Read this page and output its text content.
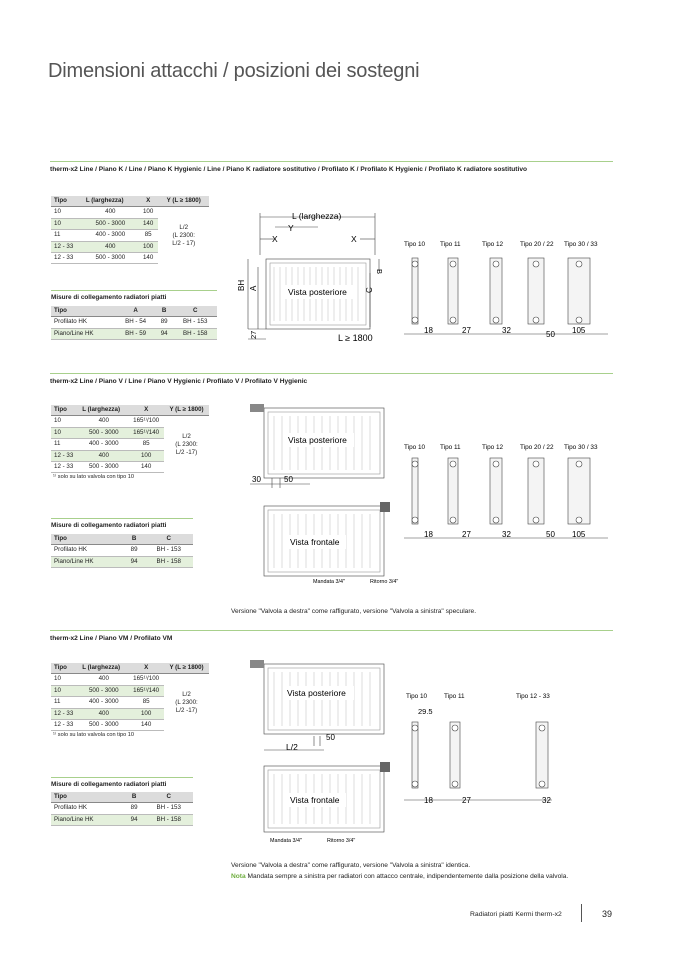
Dimensioni attacchi / posizioni dei sostegni
therm-x2 Line / Piano K / Line / Piano K Hygienic / Line / Piano K radiatore sostitutivo / Profilato K / Profilato K Hygienic / Profilato K radiatore sostitutivo
Tipo	L (larghezza)	X	Y (L ≥ 1800)
10	400	100	L/2
(L 2300:
L/2 - 17)
10	500 - 3000	140	
11	400 - 3000	85	
12 - 33	400	100	
12 - 33	500 - 3000	140	
Misure di collegamento radiatori piatti
Tipo	A	B	C
Profilato HK	BH - 54	89	BH - 153
Piano/Line HK	BH - 59	94	BH - 158
Vista posteriore
L (larghezza)
Y
X	X
BH A
B
C
27	L ≥ 1800
Tipo 10 Tipo 11	Tipo 12	Tipo 20 / 22 Tipo 30 / 33
18	27	32	50 105
therm-x2 Line / Piano V / Line / Piano V Hygienic / Profilato V / Profilato V Hygienic
Tipo	L (larghezza)	X	Y (L ≥ 1800)
10	400	165¹⁾/100	L/2
(L 2300:
L/2 -17)
10	500 - 3000	165¹⁾/140	
11	400 - 3000	85	
12 - 33	400	100	
12 - 33	500 - 3000	140	
¹⁾ solo su lato valvola con tipo 10
Misure di collegamento radiatori piatti
Tipo	B	C
Profilato HK	89	BH - 153
Piano/Line HK	94	BH - 158
Vista posteriore
Vista frontale
30	50
Mandata 3/4"	Ritorno 3/4"
Tipo 10 Tipo 11	Tipo 12	Tipo 20 / 22 Tipo 30 / 33
18	27	32	50 105
Versione "Valvola a destra" come raffigurato, versione "Valvola a sinistra" speculare.
therm-x2 Line / Piano VM / Profilato VM
Tipo	L (larghezza)	X	Y (L ≥ 1800)
10	400	165¹⁾/100	L/2
(L 2300:
L/2 -17)
10	500 - 3000	165¹⁾/140	
11	400 - 3000	85	
12 - 33	400	100	
12 - 33	500 - 3000	140	
¹⁾ solo su lato valvola con tipo 10
Misure di collegamento radiatori piatti
Tipo	B	C
Profilato HK	89	BH - 153
Piano/Line HK	94	BH - 158
Vista posteriore
Vista frontale
L/2
50
Mandata 3/4"	Ritorno 3/4"
Tipo 10	Tipo 11	Tipo 12 - 33
29.5
18	27	32
Versione "Valvola a destra" come raffigurato, versione "Valvola a sinistra" identica.
Nota Mandata sempre a sinistra per radiatori con attacco centrale, indipendentemente dalla posizione della valvola.
Radiatori piatti Kermi therm-x2	39
